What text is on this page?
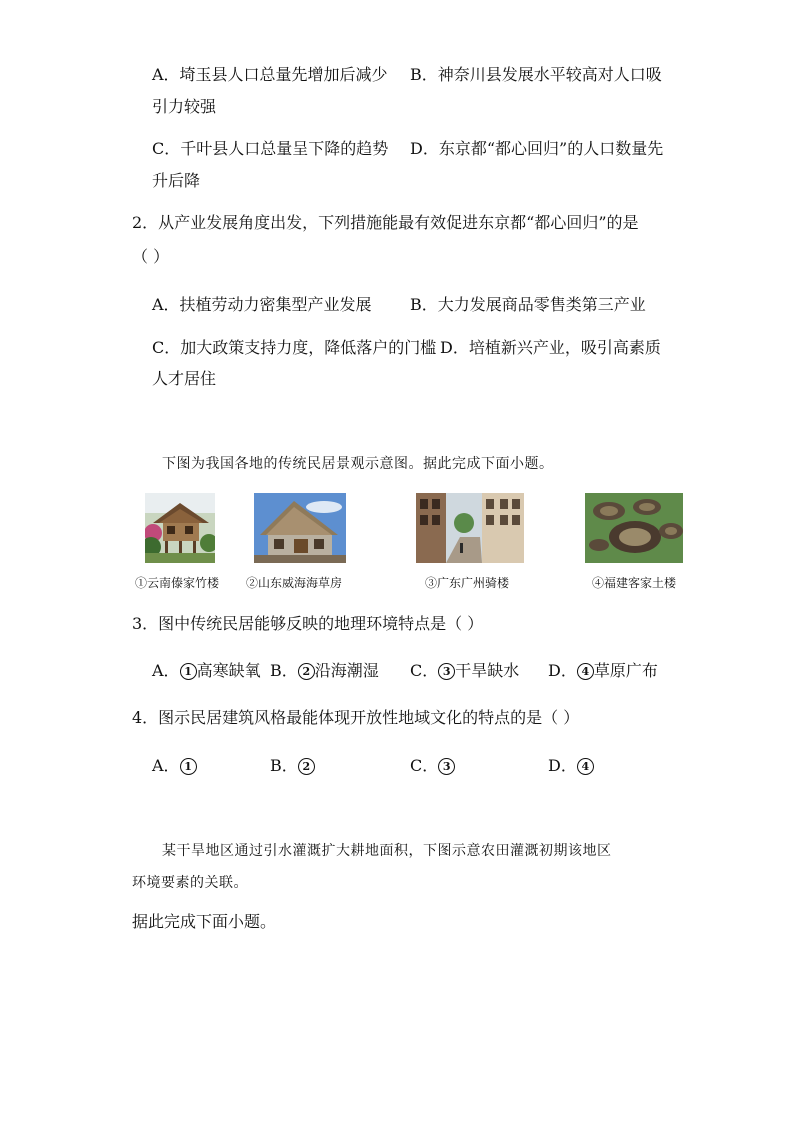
A．埼玉县人口总量先增加后减少 B．神奈川县发展水平较高对人口吸
引力较强
C．千叶县人口总量呈下降的趋势 D．东京都“都心回归”的人口数量先
升后降
2．从产业发展角度出发，下列措施能最有效促进东京都“都心回归”的是
（ ）
A．扶植劳动力密集型产业发展 B．大力发展商品零售类第三产业
C．加大政策支持力度，降低落户的门槛 D．培植新兴产业，吸引高素质
人才居住
下图为我国各地的传统民居景观示意图。据此完成下面小题。
①云南傣家竹楼 ②山东威海海草房	③广东广州骑楼	④福建客家土楼
3．图中传统民居能够反映的地理环境特点是（ ）
A． 1 高寒缺氧 B． 2 沿海潮湿 C． 3 干旱缺水 D． 4 草原广布
4．图示民居建筑风格最能体现开放性地域文化的特点的是（ ）
A． 1	B． 2	C． 3	D． 4
某干旱地区通过引水灌溉扩大耕地面积，下图示意农田灌溉初期该地区
环境要素的关联。
据此完成下面小题。
